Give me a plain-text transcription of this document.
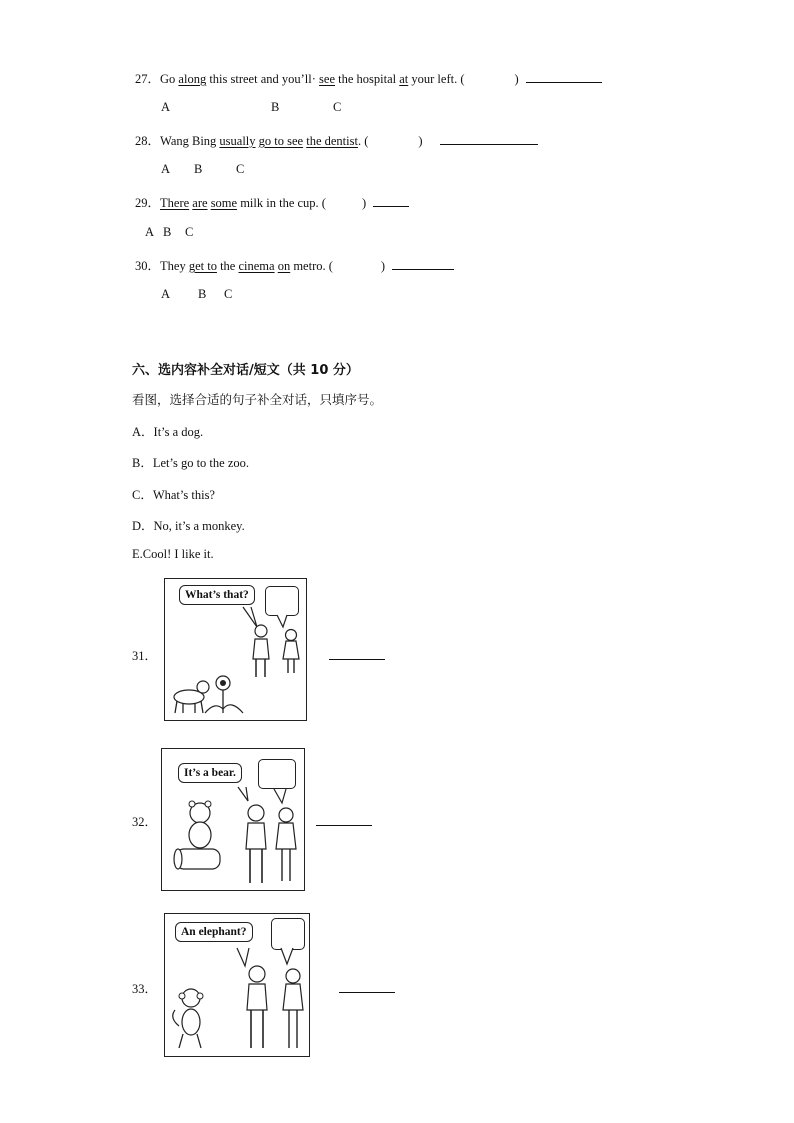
27．Go along this street and you’ll· see the hospital at your left. (	)
A	B	C
28．Wang Bing usually go to see the dentist. (	)
A B	C
29．There are some milk in the cup. (	)
A B C
30．They get to the cinema on metro. (	)
A B C
六、选内容补全对话/短文（共 10 分）
看图，选择合适的句子补全对话，只填序号。
A．It’s a dog.
B．Let’s go to the zoo.
C．What’s this?
D．No, it’s a monkey.
E.Cool! I like it.
31．
What’s that?
32．
It’s a bear.
33．
An elephant?
